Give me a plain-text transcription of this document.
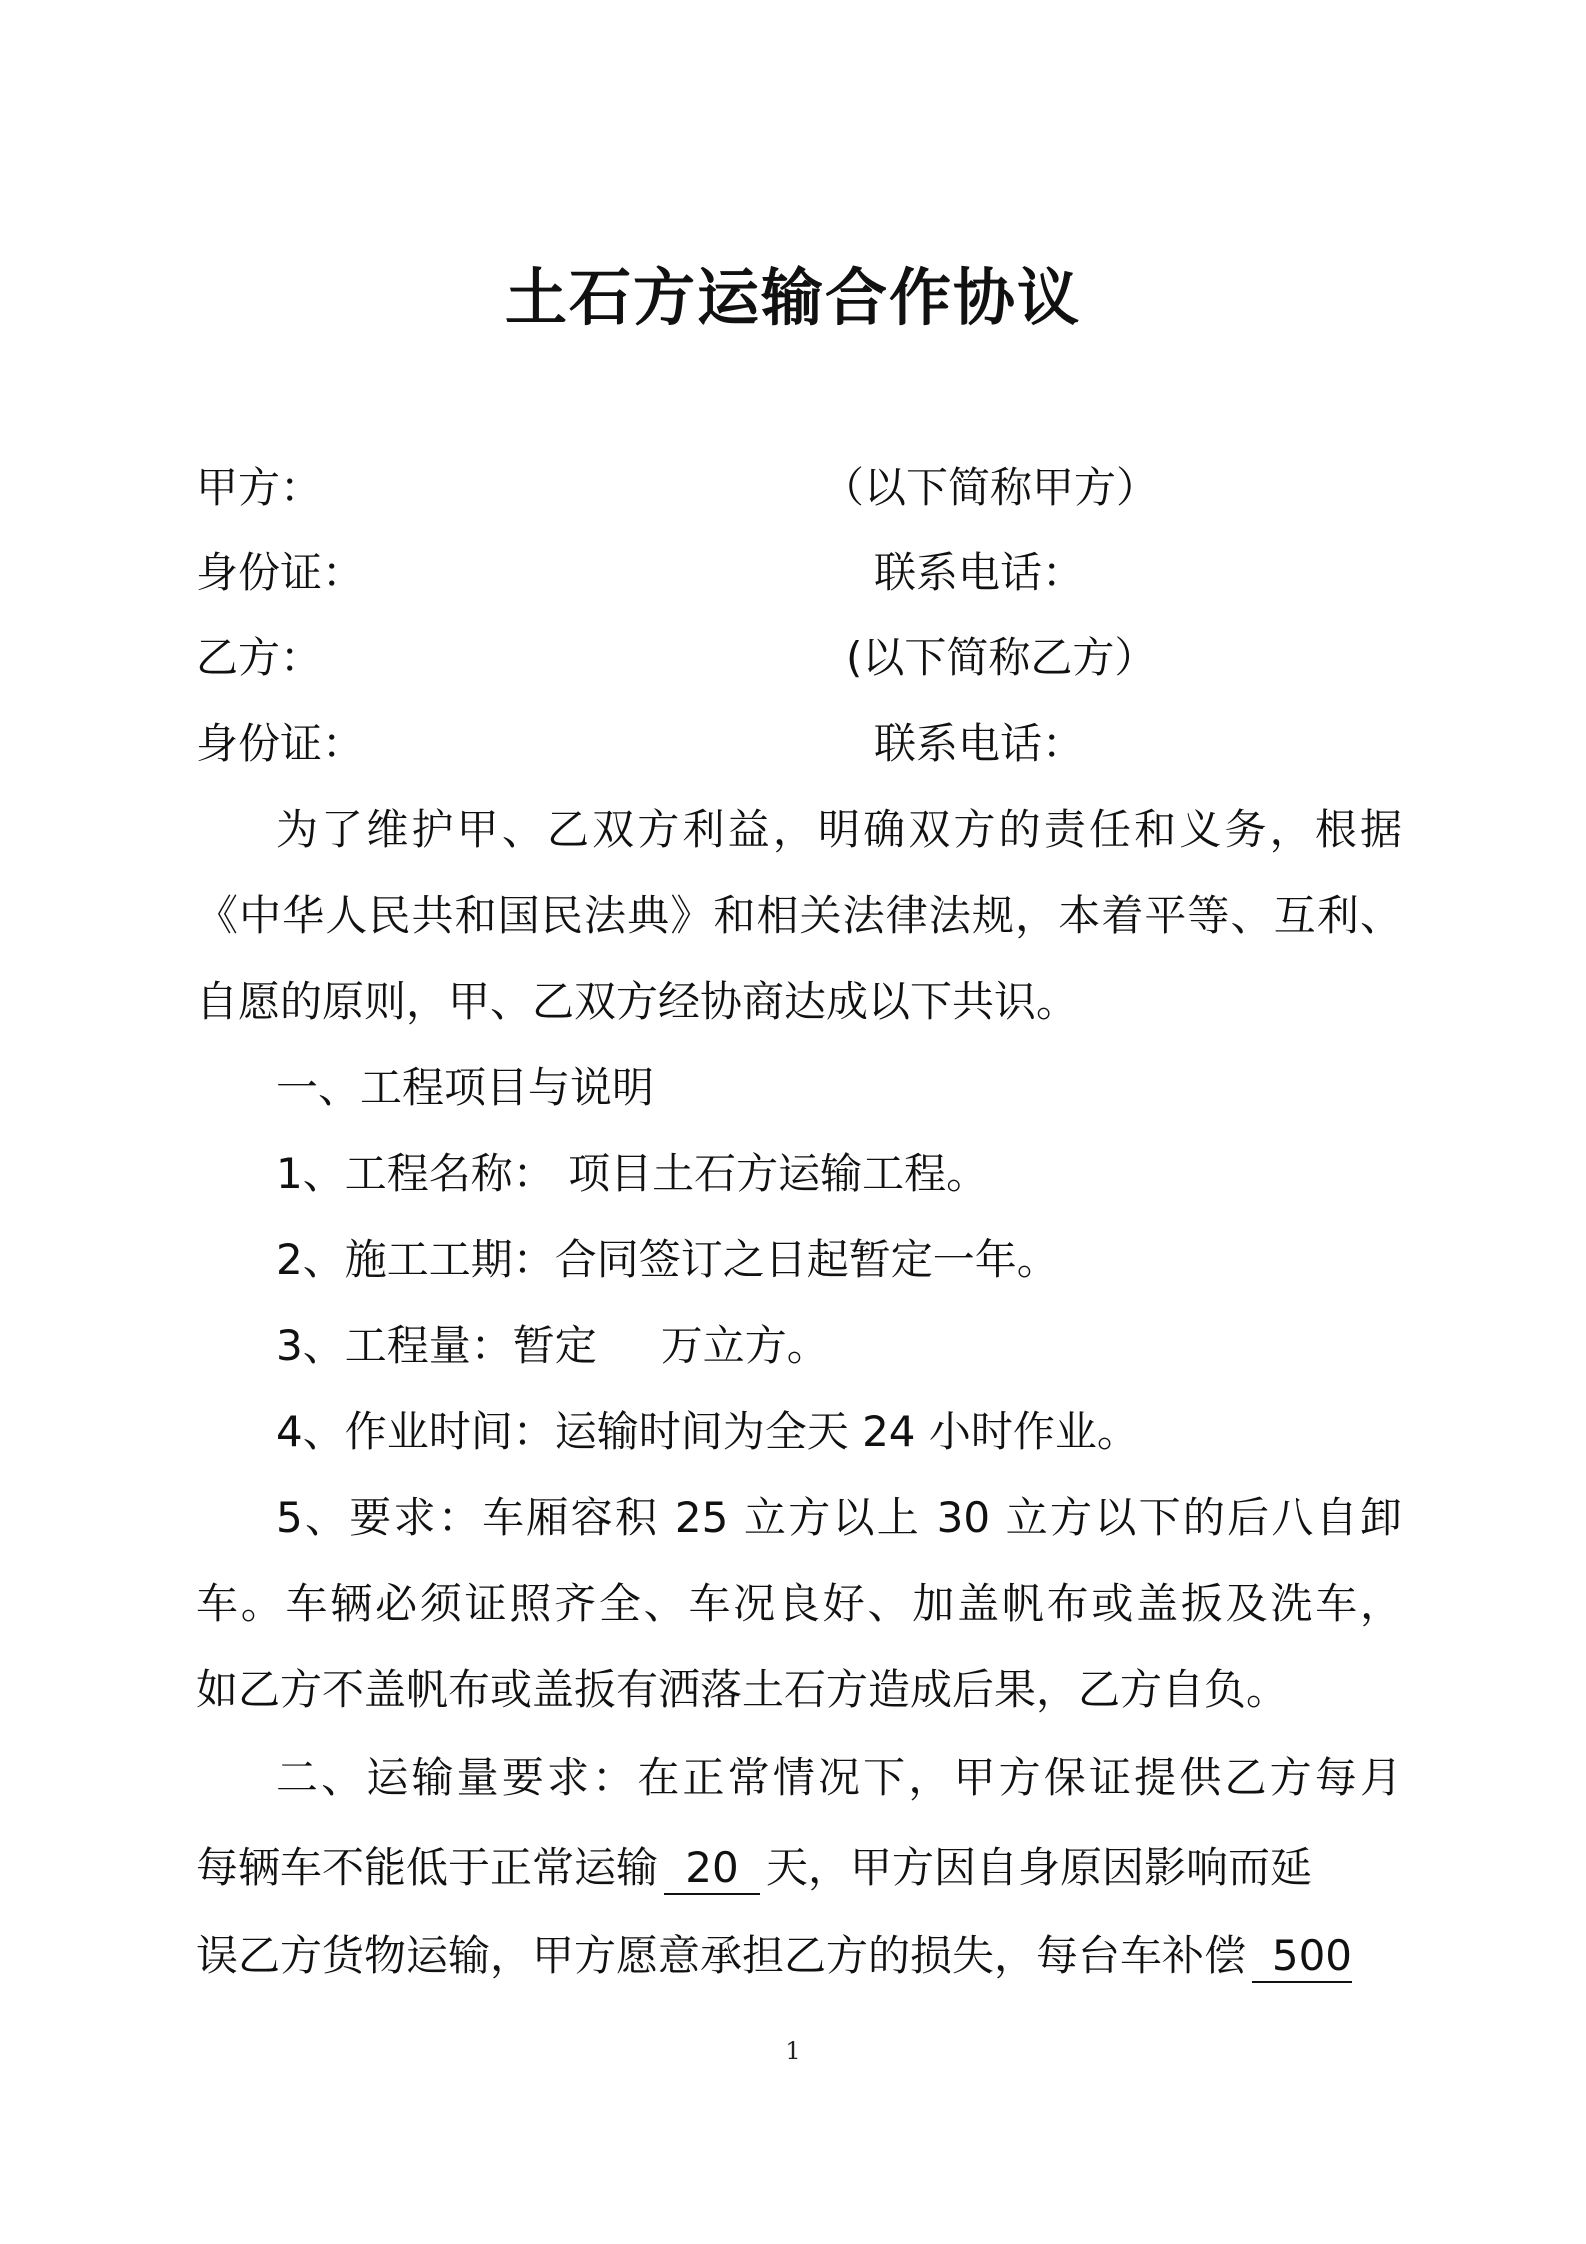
土石方运输合作协议
甲方：	（以下简称甲方）
身份证：	联系电话：
乙方：	(以下简称乙方）
身份证：	联系电话：
为了维护甲、乙双方利益，明确双方的责任和义务，根据
《中华人民共和国民法典》和相关法律法规，本着平等、互利、
自愿的原则，甲、乙双方经协商达成以下共识。
一、工程项目与说明
1、工程名称： 项目土石方运输工程。
2、施工工期：合同签订之日起暂定一年。
3、工程量：暂定 万立方。
4、作业时间：运输时间为全天 24 小时作业。
5、要求：车厢容积 25 立方以上 30 立方以下的后八自卸
车。车辆必须证照齐全、车况良好、加盖帆布或盖扳及洗车，
如乙方不盖帆布或盖扳有洒落土石方造成后果，乙方自负。
二、运输量要求：在正常情况下，甲方保证提供乙方每月
每辆车不能低于正常运输 20 天，甲方因自身原因影响而延
误乙方货物运输，甲方愿意承担乙方的损失，每台车补偿 500
1
